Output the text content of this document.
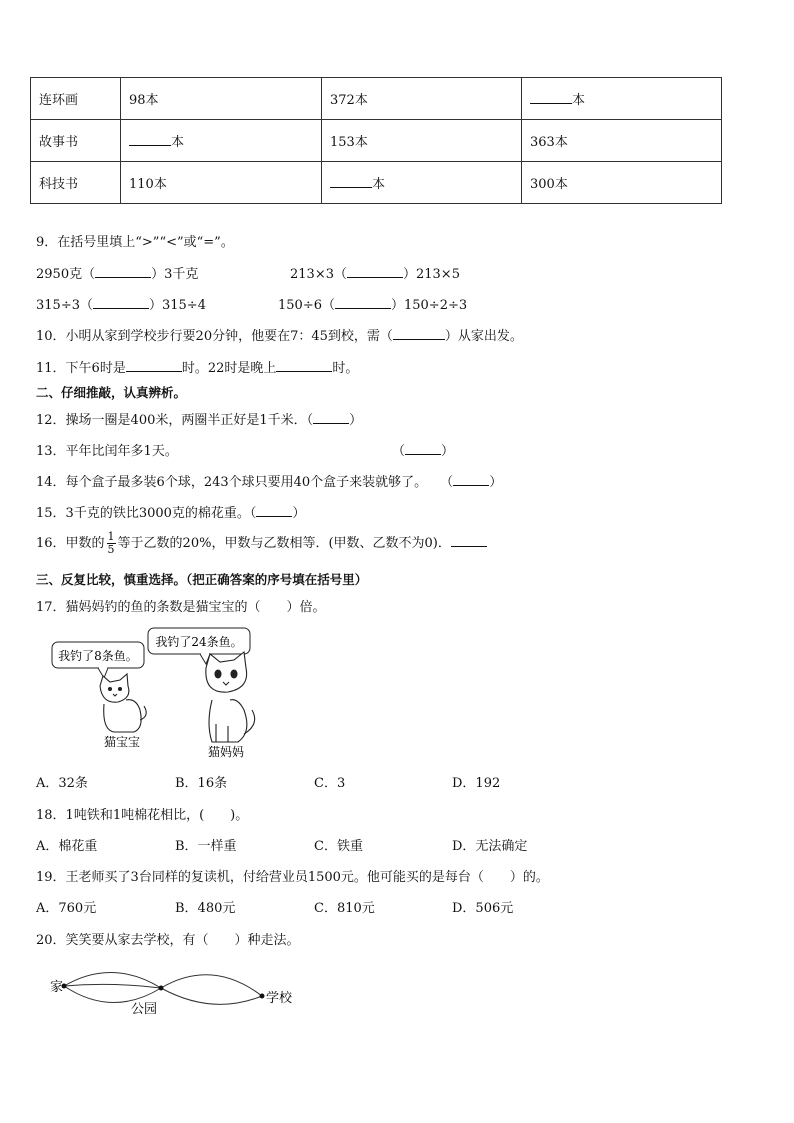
连环画	98本	372本	本
故事书	本	153本	363本
科技书	110本	本	300本
9．在括号里填上“>”“<”或“=”。
2950克（	）3千克	213×3（	）213×5
315÷3（	）315÷4	150÷6（	）150÷2÷3
10．小明从家到学校步行要20分钟，他要在7：45到校，需（	）从家出发。
11．下午6时是	时。22时是晚上	时。
二、仔细推敲，认真辨析。
12．操场一圈是400米，两圈半正好是1千米．（	）
13．平年比闰年多1天。	（	）
14．每个盒子最多装6个球，243个球只要用40个盒子来装就够了。  （	）
15．3千克的铁比3000克的棉花重。（	）
16．甲数的 $\frac{1}{5}$ 等于乙数的20%，甲数与乙数相等．(甲数、乙数不为0)．
三、反复比较，慎重选择。（把正确答案的序号填在括号里）
17．猫妈妈钓的鱼的条数是猫宝宝的（　　）倍。
我钓了8条鱼。
我钓了24条鱼。
猫宝宝
猫妈妈
A．32条	B．16条	C．3	D．192
18．1吨铁和1吨棉花相比，(　　)。
A．棉花重	B．一样重	C．铁重	D．无法确定
19．王老师买了3台同样的复读机，付给营业员1500元。他可能买的是每台（　　）的。
A．760元	B．480元	C．810元	D．506元
20．笑笑要从家去学校，有（　　）种走法。
家
公园
学校
